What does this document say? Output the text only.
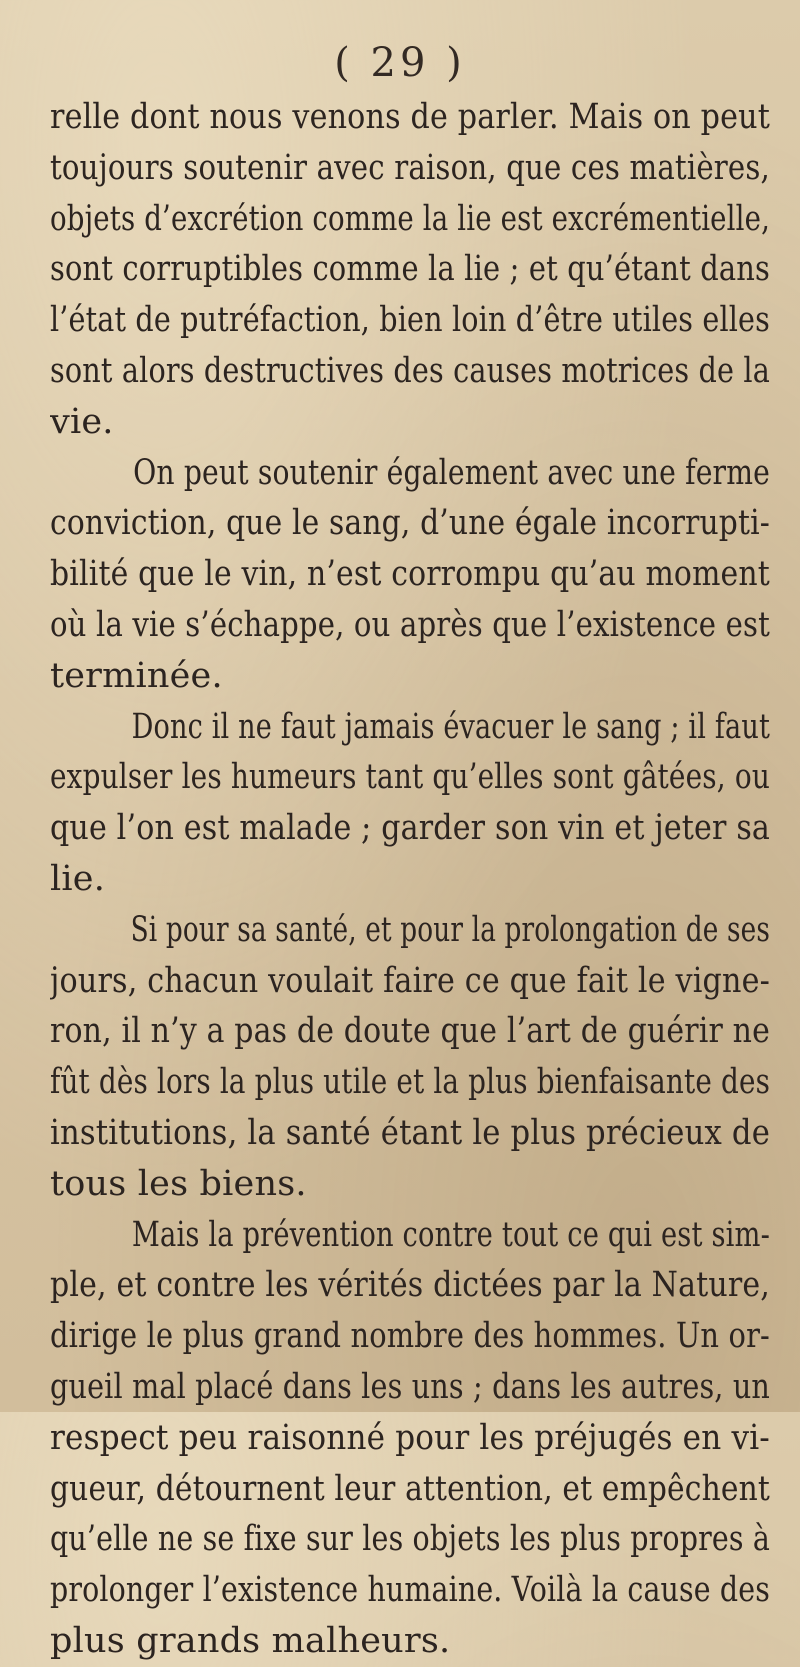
( 29 )
relle dont nous venons de parler. Mais on peut
toujours soutenir avec raison, que ces matières,
objets d’excrétion comme la lie est excrémentielle,
sont corruptibles comme la lie ; et qu’étant dans
l’état de putréfaction, bien loin d’être utiles elles
sont alors destructives des causes motrices de la
vie.
On peut soutenir également avec une ferme
conviction, que le sang, d’une égale incorrupti-
bilité que le vin, n’est corrompu qu’au moment
où la vie s’échappe, ou après que l’existence est
terminée.
Donc il ne faut jamais évacuer le sang ; il faut
expulser les humeurs tant qu’elles sont gâtées, ou
que l’on est malade ; garder son vin et jeter sa
lie.
Si pour sa santé, et pour la prolongation de ses
jours, chacun voulait faire ce que fait le vigne-
ron, il n’y a pas de doute que l’art de guérir ne
fût dès lors la plus utile et la plus bienfaisante des
institutions, la santé étant le plus précieux de
tous les biens.
Mais la prévention contre tout ce qui est sim-
ple, et contre les vérités dictées par la Nature,
dirige le plus grand nombre des hommes. Un or-
gueil mal placé dans les uns ; dans les autres, un
respect peu raisonné pour les préjugés en vi-
gueur, détournent leur attention, et empêchent
qu’elle ne se fixe sur les objets les plus propres à
prolonger l’existence humaine. Voilà la cause des
plus grands malheurs.
